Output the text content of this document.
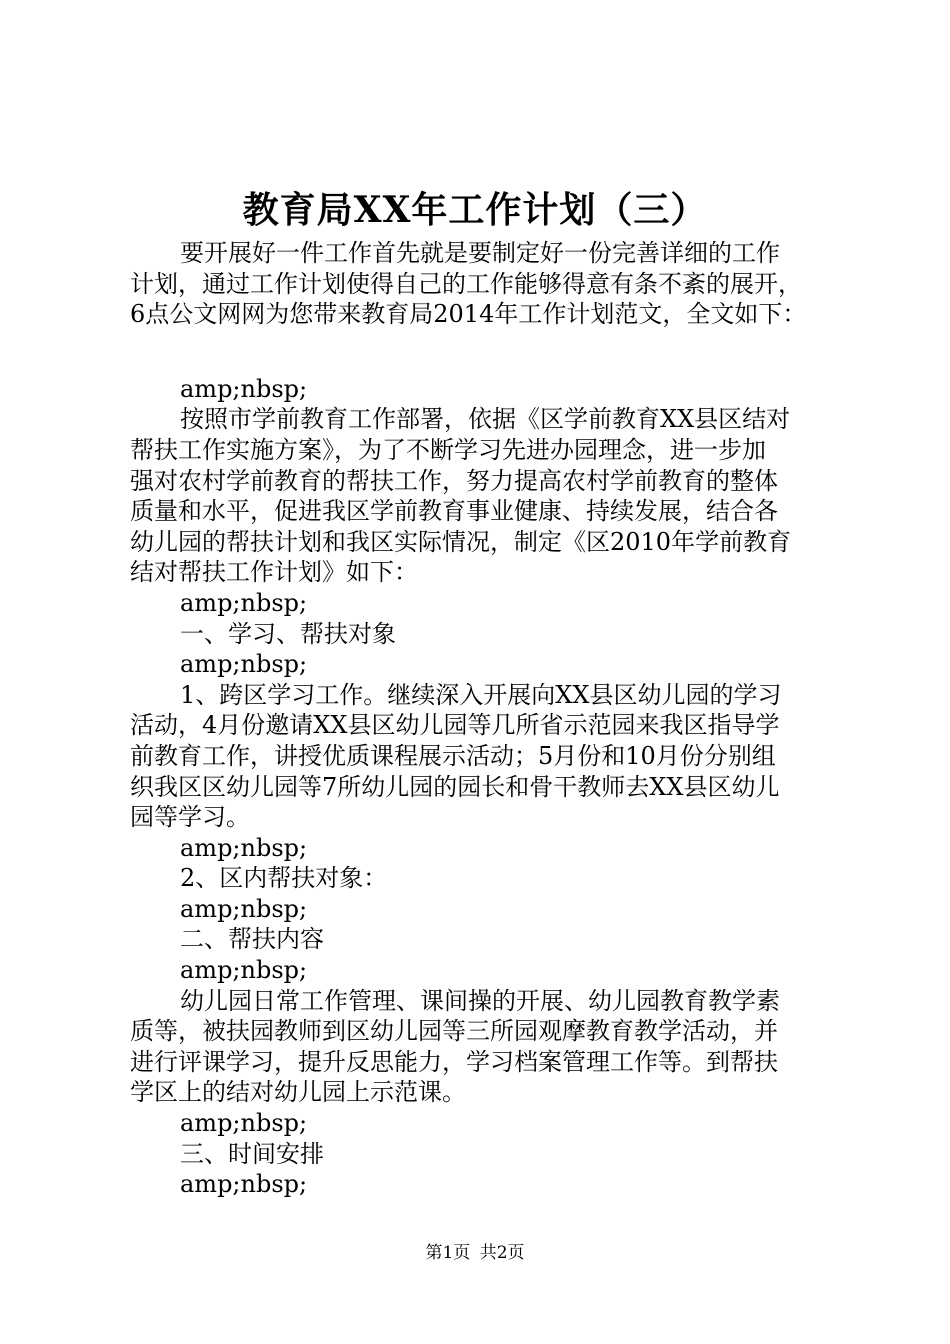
教育局XX年工作计划（三）
要开展好一件工作首先就是要制定好一份完善详细的工作
计划，通过工作计划使得自己的工作能够得意有条不紊的展开，
6点公文网网为您带来教育局2014年工作计划范文，全文如下：
amp;nbsp;
按照市学前教育工作部署，依据《区学前教育XX县区结对
帮扶工作实施方案》，为了不断学习先进办园理念，进一步加
强对农村学前教育的帮扶工作，努力提高农村学前教育的整体
质量和水平，促进我区学前教育事业健康、持续发展，结合各
幼儿园的帮扶计划和我区实际情况，制定《区2010年学前教育
结对帮扶工作计划》如下：
amp;nbsp;
一、学习、帮扶对象
amp;nbsp;
1、跨区学习工作。继续深入开展向XX县区幼儿园的学习
活动，4月份邀请XX县区幼儿园等几所省示范园来我区指导学
前教育工作，讲授优质课程展示活动；5月份和10月份分别组
织我区区幼儿园等7所幼儿园的园长和骨干教师去XX县区幼儿
园等学习。
amp;nbsp;
2、区内帮扶对象：
amp;nbsp;
二、帮扶内容
amp;nbsp;
幼儿园日常工作管理、课间操的开展、幼儿园教育教学素
质等，被扶园教师到区幼儿园等三所园观摩教育教学活动，并
进行评课学习，提升反思能力，学习档案管理工作等。到帮扶
学区上的结对幼儿园上示范课。
amp;nbsp;
三、时间安排
amp;nbsp;
第1页 共2页
